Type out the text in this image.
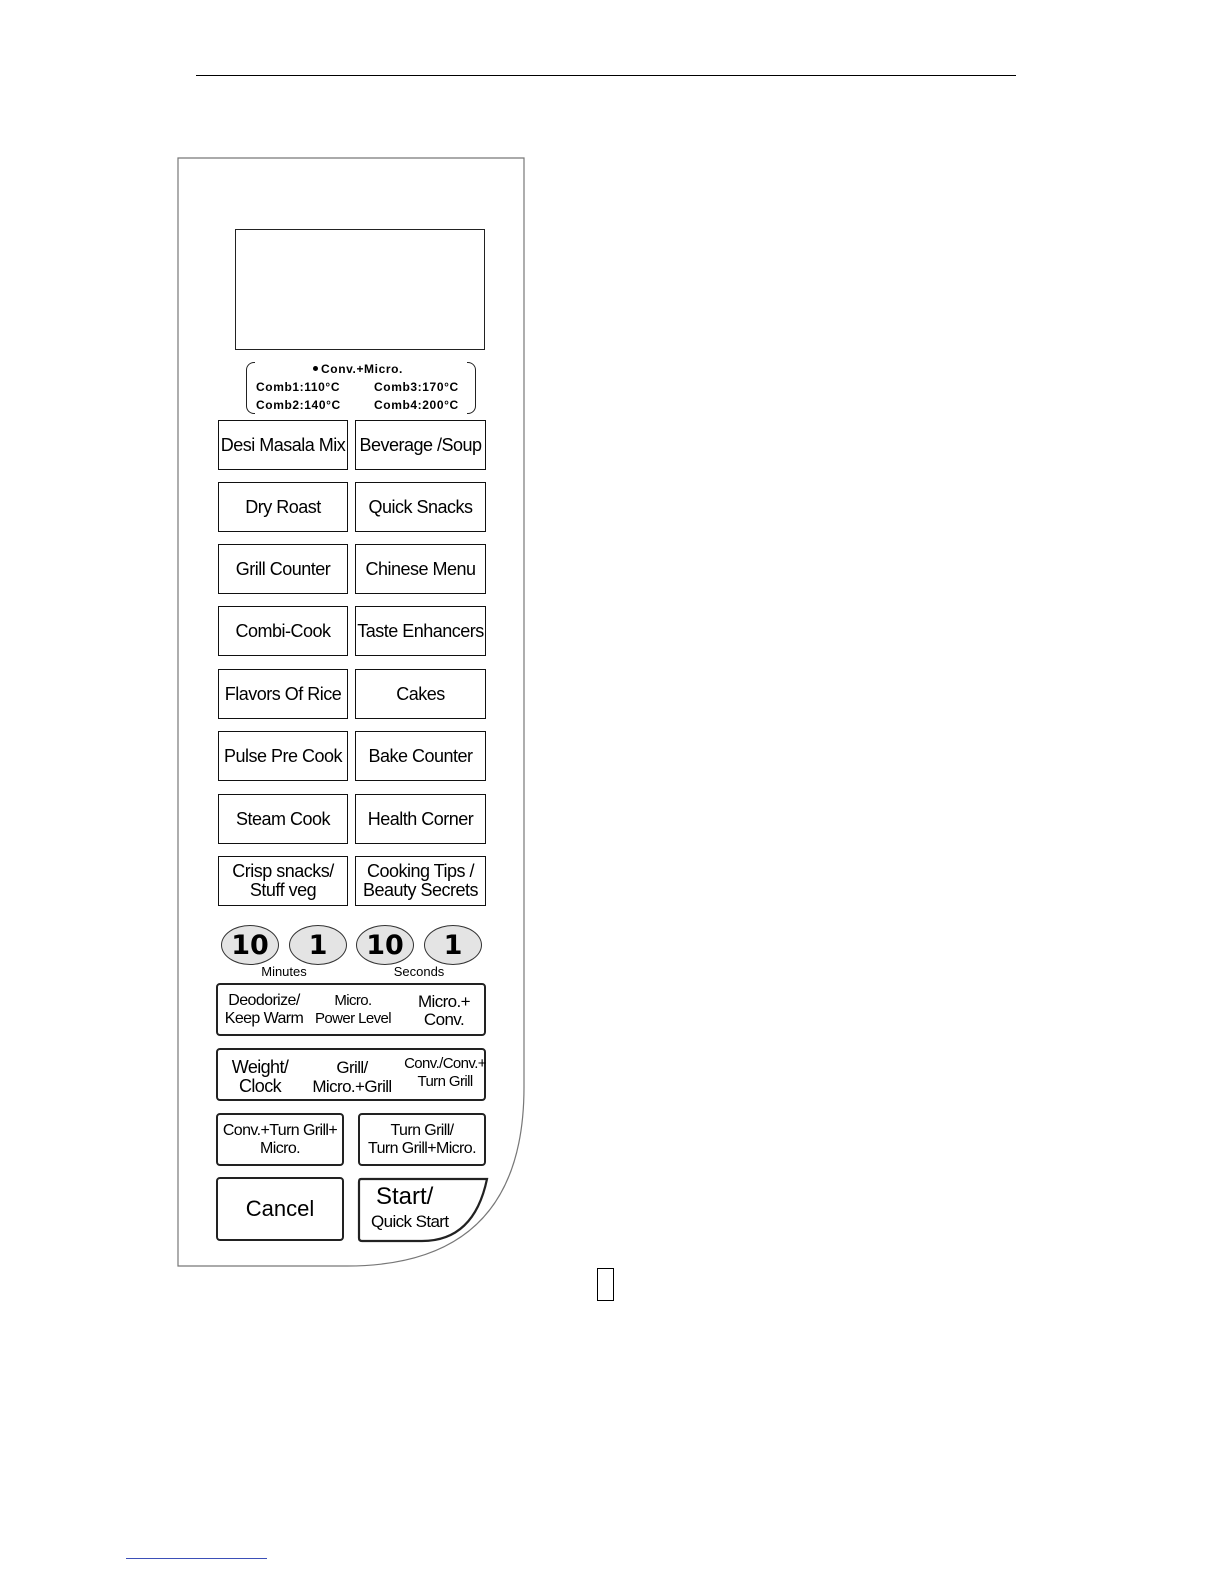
Conv.+Micro.
Comb1:110°C	Comb3:170°C
Comb2:140°C	Comb4:200°C
Desi Masala Mix Beverage /Soup
Dry Roast	Quick Snacks
Grill Counter Chinese Menu
Combi-Cook Taste Enhancers
Flavors Of Rice	Cakes
Pulse Pre Cook Bake Counter
Steam Cook Health Corner
Crisp snacks/
Stuff veg
Cooking Tips /
Beauty Secrets
10	1	10	1
Minutes	Seconds
Deodorize/
Keep Warm
Micro.
Power Level
Micro.+
Conv.
Weight/
Clock
Grill/
Micro.+Grill
Conv./Conv.+
Turn Grill
Conv.+Turn Grill+
Micro.
Turn Grill/
Turn Grill+Micro.
Cancel	Start/
Quick Start
